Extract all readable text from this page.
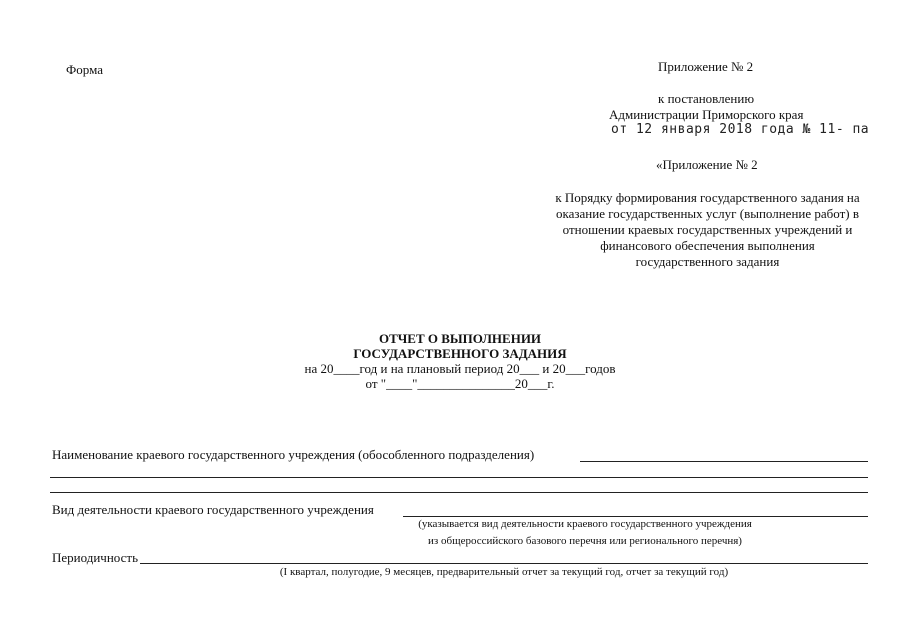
Форма	Приложение № 2
к постановлению
Администрации Приморского края
от 12 января 2018 года № 11- па
«Приложение № 2
к Порядку формирования государственного задания на
оказание государственных услуг (выполнение работ) в
отношении краевых государственных учреждений и
финансового обеспечения выполнения
государственного задания
ОТЧЕТ О ВЫПОЛНЕНИИ
ГОСУДАРСТВЕННОГО ЗАДАНИЯ
на 20____год и на плановый период 20___ и 20___годов
от "____"_______________20___г.
Наименование краевого государственного учреждения (обособленного подразделения)
Вид деятельности краевого государственного учреждения
(указывается вид деятельности краевого государственного учреждения
из общероссийского базового перечня или регионального перечня)
Периодичность
(I квартал, полугодие, 9 месяцев, предварительный отчет за текущий год, отчет за текущий год)
